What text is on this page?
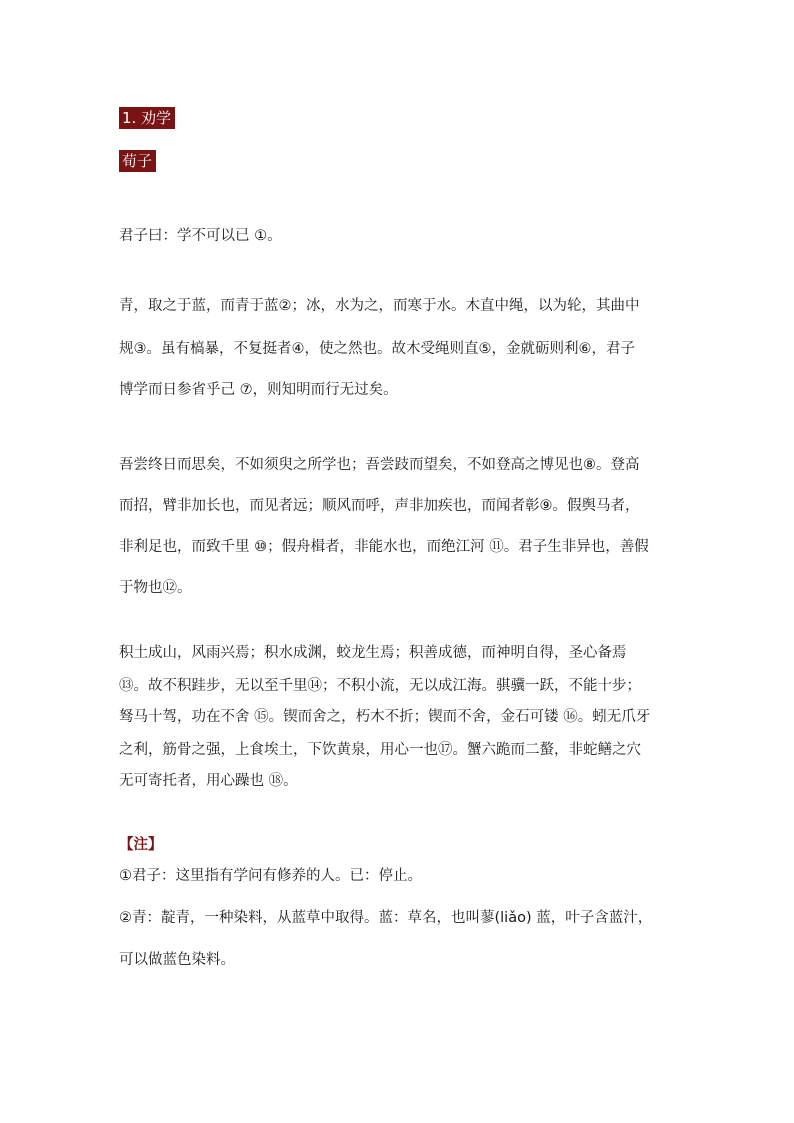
1. 劝学
荀子
君子曰：学不可以已 ①。
青，取之于蓝，而青于蓝②；冰，水为之，而寒于水。木直中绳，以为轮，其曲中
规③。虽有槁暴，不复挺者④，使之然也。故木受绳则直⑤，金就砺则利⑥，君子
博学而日参省乎己 ⑦，则知明而行无过矣。
吾尝终日而思矣，不如须臾之所学也；吾尝跂而望矣，不如登高之博见也⑧。登高
而招，臂非加长也，而见者远；顺风而呼，声非加疾也，而闻者彰⑨。假舆马者，
非利足也，而致千里 ⑩；假舟楫者，非能水也，而绝江河 ⑪。君子生非异也，善假
于物也⑫。
积土成山，风雨兴焉；积水成渊，蛟龙生焉；积善成德，而神明自得，圣心备焉
⑬。故不积跬步，无以至千里⑭；不积小流，无以成江海。骐骥一跃，不能十步；
驽马十驾，功在不舍 ⑮。锲而舍之，朽木不折；锲而不舍，金石可镂 ⑯。蚓无爪牙
之利，筋骨之强，上食埃土，下饮黄泉，用心一也⑰。蟹六跪而二螯，非蛇鳝之穴
无可寄托者，用心躁也 ⑱。
【注】
①君子：这里指有学问有修养的人。已：停止。
②青：靛青，一种染料，从蓝草中取得。蓝：草名，也叫蓼(liǎo) 蓝，叶子含蓝汁，
可以做蓝色染料。
